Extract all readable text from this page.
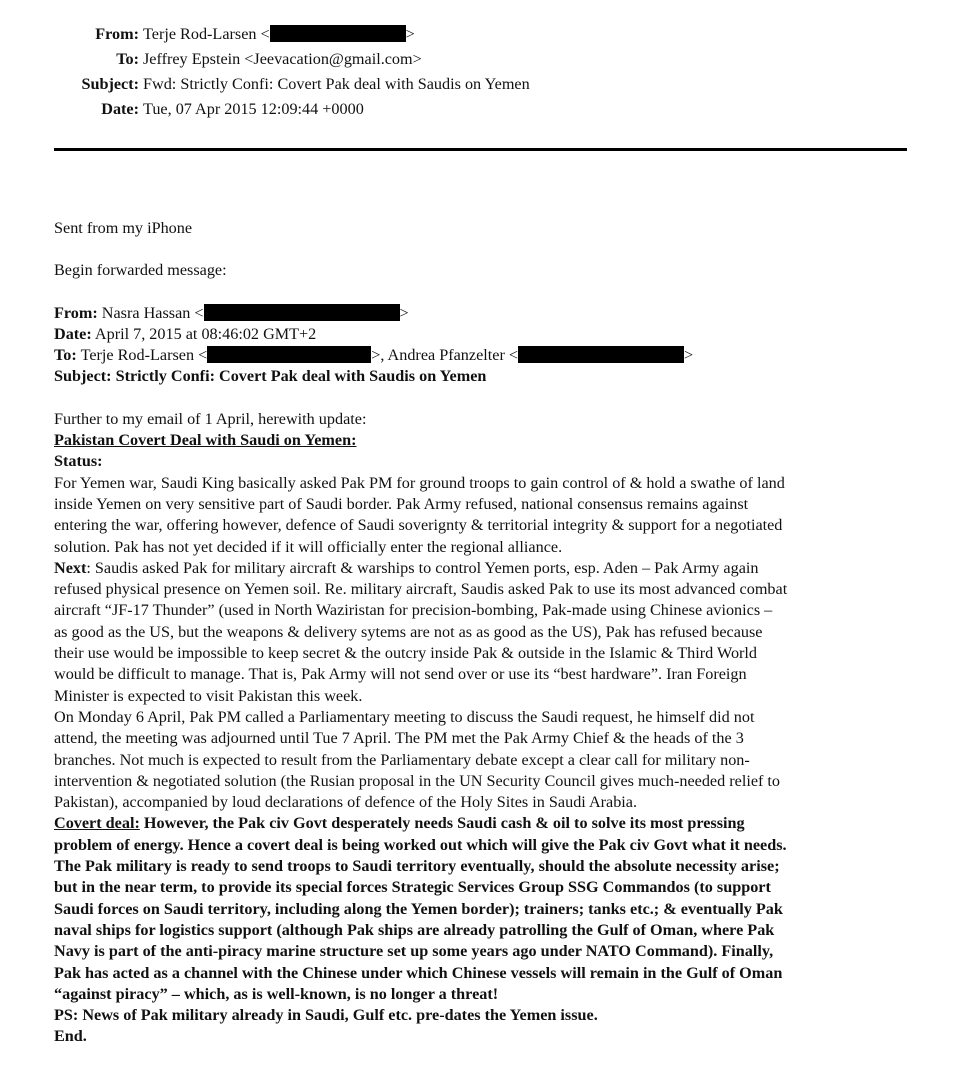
From: Terje Rod-Larsen <	>
To: Jeffrey Epstein <Jeevacation@gmail.com>
Subject: Fwd: Strictly Confi: Covert Pak deal with Saudis on Yemen
Date: Tue, 07 Apr 2015 12:09:44 +0000
Sent from my iPhone
Begin forwarded message:
From: Nasra Hassan <	>
Date: April 7, 2015 at 08:46:02 GMT+2
To: Terje Rod-Larsen <	>, Andrea Pfanzelter <	>
Subject: Strictly Confi: Covert Pak deal with Saudis on Yemen
Further to my email of 1 April, herewith update:
Pakistan Covert Deal with Saudi on Yemen:
Status:
For Yemen war, Saudi King basically asked Pak PM for ground troops to gain control of & hold a swathe of land
inside Yemen on very sensitive part of Saudi border. Pak Army refused, national consensus remains against
entering the war, offering however, defence of Saudi soverignty & territorial integrity & support for a negotiated
solution. Pak has not yet decided if it will officially enter the regional alliance.
Next: Saudis asked Pak for military aircraft & warships to control Yemen ports, esp. Aden – Pak Army again
refused physical presence on Yemen soil. Re. military aircraft, Saudis asked Pak to use its most advanced combat
aircraft “JF-17 Thunder” (used in North Waziristan for precision-bombing, Pak-made using Chinese avionics –
as good as the US, but the weapons & delivery sytems are not as as good as the US), Pak has refused because
their use would be impossible to keep secret & the outcry inside Pak & outside in the Islamic & Third World
would be difficult to manage. That is, Pak Army will not send over or use its “best hardware”. Iran Foreign
Minister is expected to visit Pakistan this week.
On Monday 6 April, Pak PM called a Parliamentary meeting to discuss the Saudi request, he himself did not
attend, the meeting was adjourned until Tue 7 April. The PM met the Pak Army Chief & the heads of the 3
branches. Not much is expected to result from the Parliamentary debate except a clear call for military non-
intervention & negotiated solution (the Rusian proposal in the UN Security Council gives much-needed relief to
Pakistan), accompanied by loud declarations of defence of the Holy Sites in Saudi Arabia.
Covert deal: However, the Pak civ Govt desperately needs Saudi cash & oil to solve its most pressing
problem of energy. Hence a covert deal is being worked out which will give the Pak civ Govt what it needs.
The Pak military is ready to send troops to Saudi territory eventually, should the absolute necessity arise;
but in the near term, to provide its special forces Strategic Services Group SSG Commandos (to support
Saudi forces on Saudi territory, including along the Yemen border); trainers; tanks etc.; & eventually Pak
naval ships for logistics support (although Pak ships are already patrolling the Gulf of Oman, where Pak
Navy is part of the anti-piracy marine structure set up some years ago under NATO Command). Finally,
Pak has acted as a channel with the Chinese under which Chinese vessels will remain in the Gulf of Oman
“against piracy” – which, as is well-known, is no longer a threat!
PS: News of Pak military already in Saudi, Gulf etc. pre-dates the Yemen issue.
End.
